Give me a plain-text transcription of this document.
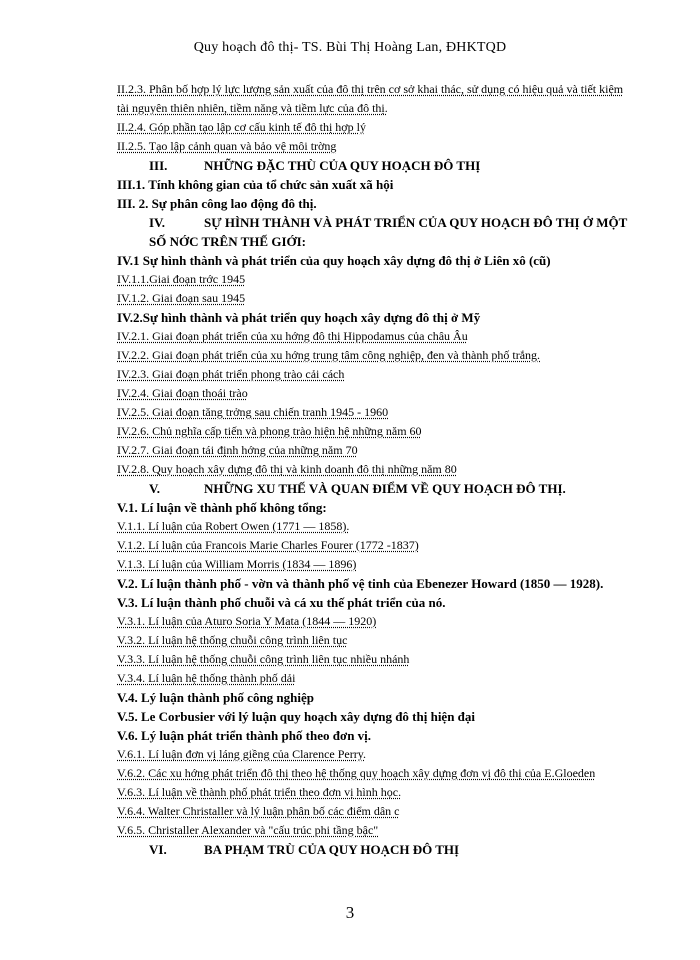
Quy hoạch đô thị- TS. Bùi Thị Hoàng Lan, ĐHKTQD
II.2.3. Phân bố hợp lý lực lượng sản xuất của đô thị trên cơ sở khai thác, sử dụng có hiệu quả và tiết kiệm tài nguyên thiên nhiên, tiềm năng và tiềm lực của đô thị.
II.2.4. Góp phần tạo lập cơ cấu kinh tế đô thị hợp lý
II.2.5. Tạo lập cảnh quan và bảo vệ môi trờng
III.	NHỮNG ĐẶC THÙ CỦA QUY HOẠCH ĐÔ THỊ
III.1. Tính không gian của tổ chức sản xuất xã hội
III. 2. Sự phân công lao động đô thị.
IV.	SỰ HÌNH THÀNH VÀ PHÁT TRIỂN CỦA QUY HOẠCH ĐÔ THỊ Ở MỘT SỐ NỚC TRÊN THẾ GIỚI:
IV.1 Sự hình thành và phát triển của quy hoạch xây dựng đô thị ở Liên xô (cũ)
IV.1.1.Giai đoạn trớc 1945
IV.1.2. Giai đoạn sau 1945
IV.2.Sự hình thành và phát triển quy hoạch xây dựng đô thị ở Mỹ
IV.2.1. Giai đoạn phát triển của xu hớng đô thị Hippodamus của châu Âu
IV.2.2. Giai đoạn phát triển của xu hớng trung tâm công nghiệp, đen và thành phố trắng.
IV.2.3. Giai đoạn phát triển phong trào cải cách
IV.2.4. Giai đoạn thoái trào
IV.2.5. Giai đoạn tăng trởng sau chiến tranh 1945 - 1960
IV.2.6. Chủ nghĩa cấp tiến và phong trào hiện hệ những năm 60
IV.2.7. Giai đoạn tái định hớng của những năm 70
IV.2.8. Quy hoạch xây dựng đô thị và kinh doanh đô thị những năm 80
V.	NHỮNG XU THẾ VÀ QUAN ĐIỂM VỀ QUY HOẠCH ĐÔ THỊ.
V.1. Lí luận về thành phố không tổng:
V.1.1. Lí luận của Robert Owen (1771 — 1858).
V.1.2. Lí luận của Francois Marie Charles Fourer (1772 -1837)
V.1.3. Lí luận của William Morris (1834 — 1896)
V.2. Lí luận thành phố - vờn và thành phố vệ tinh của Ebenezer Howard (1850 — 1928).
V.3. Lí luận thành phố chuỗi và cá xu thế phát triển của nó.
V.3.1. Lí luận của Aturo Soria Y Mata (1844 — 1920)
V.3.2. Lí luận hệ thống chuỗi công trình liên tục
V.3.3. Lí luận hệ thống chuỗi công trình liên tục nhiều nhánh
V.3.4. Lí luận hệ thống thành phố dải
V.4. Lý luận thành phố công nghiệp
V.5. Le Corbusier với lý luận quy hoạch xây dựng đô thị hiện đại
V.6. Lý luận phát triển thành phố theo đơn vị.
V.6.1. Lí luận đơn vị láng giềng của Clarence Perry.
V.6.2. Các xu hớng phát triển đô thị theo hệ thống quy hoạch xây dựng đơn vị đô thị của E.Gloeden
V.6.3. Lí luận về thành phố phát triển theo đơn vị hình học.
V.6.4. Walter Christaller và lý luận phân bố các điểm dân c
V.6.5. Christaller Alexander và "cấu trúc phi tầng bậc"
VI.	BA PHẠM TRÙ CỦA QUY HOẠCH ĐÔ THỊ
3
